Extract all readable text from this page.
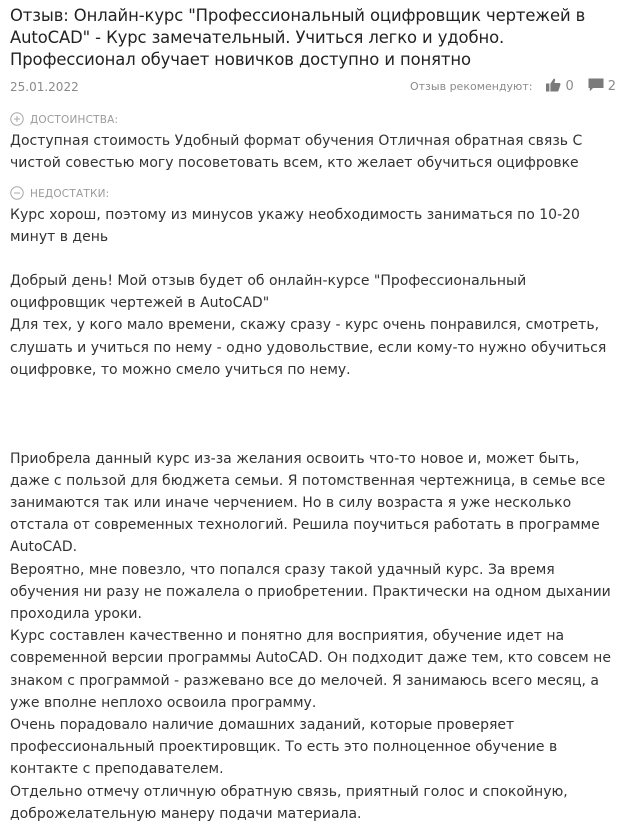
Отзыв: Онлайн-курс "Профессиональный оцифровщик чертежей в AutoCAD" - Курс замечательный. Учиться легко и удобно. Профессионал обучает новичков доступно и понятно
25.01.2022	Отзыв рекомендуют:	0	2
ДОСТОИНСТВА:

Доступная стоимость Удобный формат обучения Отличная обратная связь С чистой совестью могу посоветовать всем, кто желает обучиться оцифровке

НЕДОСТАТКИ:

Курс хорош, поэтому из минусов укажу необходимость заниматься по 10-20 минут в день

Добрый день! Мой отзыв будет об онлайн-курсе "Профессиональный оцифровщик чертежей в AutoCAD"
Для тех, у кого мало времени, скажу сразу - курс очень понравился, смотреть, слушать и учиться по нему - одно удовольствие, если кому-то нужно обучиться оцифровке, то можно смело учиться по нему.

Приобрела данный курс из-за желания освоить что-то новое и, может быть, даже с пользой для бюджета семьи. Я потомственная чертежница, в семье все занимаются так или иначе черчением. Но в силу возраста я уже несколько отстала от современных технологий. Решила поучиться работать в программе AutoCAD.
Вероятно, мне повезло, что попался сразу такой удачный курс. За время обучения ни разу не пожалела о приобретении. Практически на одном дыхании проходила уроки.
Курс составлен качественно и понятно для восприятия, обучение идет на современной версии программы AutoCAD. Он подходит даже тем, кто совсем не знаком с программой - разжевано все до мелочей. Я занимаюсь всего месяц, а уже вполне неплохо освоила программу.
Очень порадовало наличие домашних заданий, которые проверяет профессиональный проектировщик. То есть это полноценное обучение в контакте с преподавателем.
Отдельно отмечу отличную обратную связь, приятный голос и спокойную, доброжелательную манеру подачи материала.
